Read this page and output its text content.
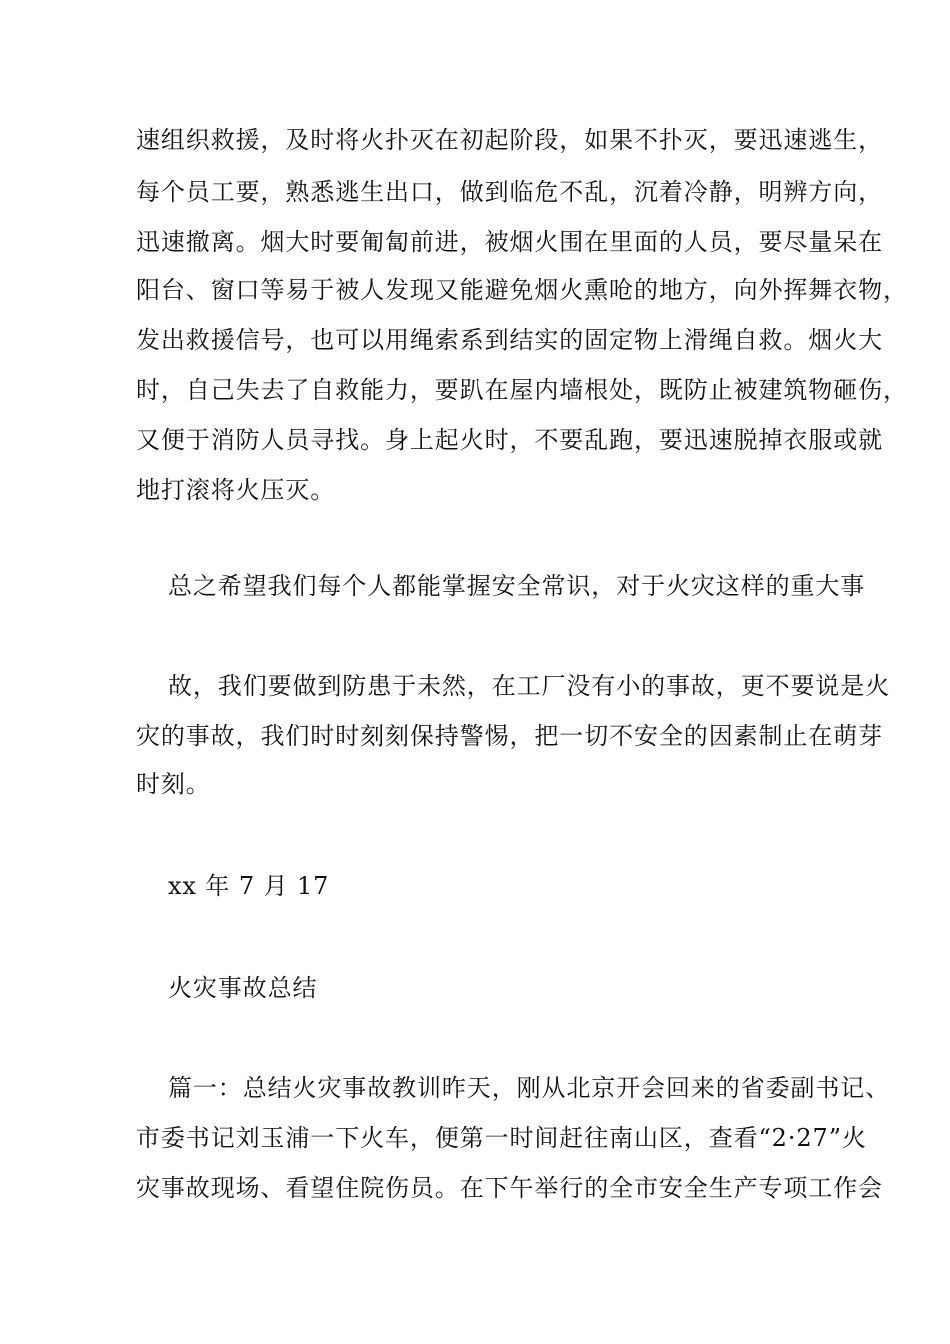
速组织救援，及时将火扑灭在初起阶段，如果不扑灭，要迅速逃生，
每个员工要，熟悉逃生出口，做到临危不乱，沉着冷静，明辨方向，
迅速撤离。烟大时要匍匐前进，被烟火围在里面的人员，要尽量呆在
阳台、窗口等易于被人发现又能避免烟火熏呛的地方，向外挥舞衣物，
发出救援信号，也可以用绳索系到结实的固定物上滑绳自救。烟火大
时，自己失去了自救能力，要趴在屋内墙根处，既防止被建筑物砸伤，
又便于消防人员寻找。身上起火时，不要乱跑，要迅速脱掉衣服或就
地打滚将火压灭。
总之希望我们每个人都能掌握安全常识，对于火灾这样的重大事
故，我们要做到防患于未然，在工厂没有小的事故，更不要说是火
灾的事故，我们时时刻刻保持警惕，把一切不安全的因素制止在萌芽
时刻。
xx 年 7 月 17
火灾事故总结
篇一：总结火灾事故教训昨天，刚从北京开会回来的省委副书记、
市委书记刘玉浦一下火车，便第一时间赶往南山区，查看“2·27”火
灾事故现场、看望住院伤员。在下午举行的全市安全生产专项工作会
